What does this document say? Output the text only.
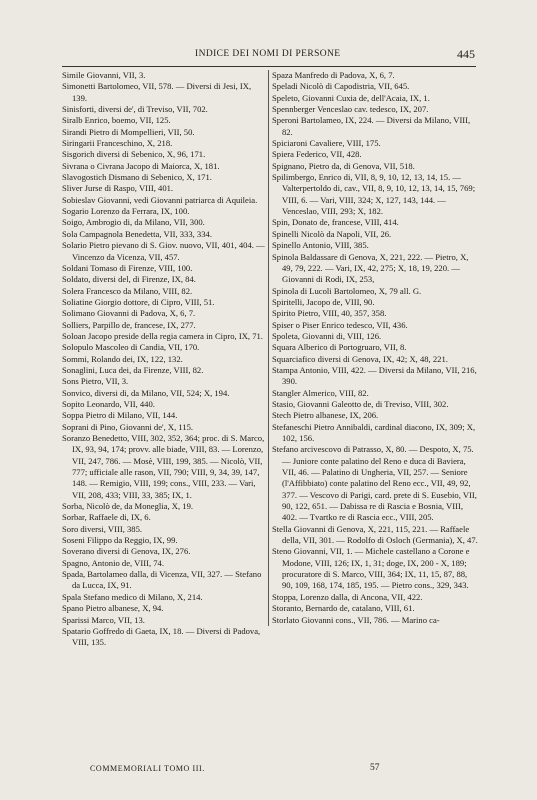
INDICE DEI NOMI DI PERSONE	445

Simile Giovanni, VII, 3.

Simonetti Bartolomeo, VII, 578. — Diversi di Jesi, IX, 139.

Sinisforti, diversi de', di Treviso, VII, 702.

Siralb Enrico, boemo, VII, 125.

Sirandi Pietro di Mompellieri, VII, 50.

Siringarii Franceschino, X, 218.

Sisgorich diversi di Sebenico, X, 96, 171.

Sivrana o Civrana Jacopo di Maiorca, X, 181.

Slavogostich Dismano di Sebenico, X, 171.

Sliver Jurse di Raspo, VIII, 401.

Sobieslav Giovanni, vedi Giovanni patriarca di Aquileia.

Sogario Lorenzo da Ferrara, IX, 100.

Soigo, Ambrogio di, da Milano, VII, 300.

Sola Campagnola Benedetta, VII, 333, 334.

Solario Pietro pievano di S. Giov. nuovo, VII, 401, 404. — Vincenzo da Vicenza, VII, 457.

Soldani Tomaso di Firenze, VIII, 100.

Soldato, diversi del, di Firenze, IX, 84.

Solera Francesco da Milano, VIII, 82.

Soliatine Giorgio dottore, di Cipro, VIII, 51.

Solimano Giovanni di Padova, X, 6, 7.

Solliers, Parpillo de, francese, IX, 277.

Soloan Jacopo preside della regia camera in Cipro, IX, 71.

Solopulo Mascoleo di Candia, VII, 170.

Sommi, Rolando dei, IX, 122, 132.

Sonaglini, Luca dei, da Firenze, VIII, 82.

Sons Pietro, VII, 3.

Sonvico, diversi di, da Milano, VII, 524; X, 194.

Sopito Leonardo, VII, 440.

Soppa Pietro di Milano, VII, 144.

Soprani di Pino, Giovanni de', X, 115.

Soranzo Benedetto, VIII, 302, 352, 364; proc. di S. Marco, IX, 93, 94, 174; provv. alle biade, VIII, 83. — Lorenzo, VII, 247, 786. — Mosè, VIII, 199, 385. — Nicolò, VII, 777; ufficiale alle rason, VII, 790; VIII, 9, 34, 39, 147, 148. — Remigio, VIII, 199; cons., VIII, 233. — Vari, VII, 208, 433; VIII, 33, 385; IX, 1.

Sorba, Nicolò de, da Moneglia, X, 19.

Sorbar, Raffaele di, IX, 6.

Soro diversi, VIII, 385.

Soseni Filippo da Reggio, IX, 99.

Soverano diversi di Genova, IX, 276.

Spagno, Antonio de, VIII, 74.

Spada, Bartolameo dalla, di Vicenza, VII, 327. — Stefano da Lucca, IX, 91.

Spala Stefano medico di Milano, X, 214.

Spano Pietro albanese, X, 94.

Sparissi Marco, VII, 13.

Spatario Goffredo di Gaeta, IX, 18. — Diversi di Padova, VIII, 135.

Spaza Manfredo di Padova, X, 6, 7.

Speladi Nicolò di Capodistria, VII, 645.

Speleto, Giovanni Cuxia de, dell'Acaia, IX, 1.

Spennberger Venceslao cav. tedesco, IX, 207.

Speroni Bartolameo, IX, 224. — Diversi da Milano, VIII, 82.

Spiciaroni Cavaliere, VIII, 175.

Spiera Federico, VII, 428.

Spignano, Pietro da, di Genova, VII, 518.

Spilimbergo, Enrico di, VII, 8, 9, 10, 12, 13, 14, 15. — Valterpertoldo di, cav., VII, 8, 9, 10, 12, 13, 14, 15, 769; VIII, 6. — Vari, VIII, 324; X, 127, 143, 144. — Venceslao, VIII, 293; X, 182.

Spin, Donato de, francese, VIII, 414.

Spinelli Nicolò da Napoli, VII, 26.

Spinello Antonio, VIII, 385.

Spinola Baldassare di Genova, X, 221, 222. — Pietro, X, 49, 79, 222. — Vari, IX, 42, 275; X, 18, 19, 220. — Giovanni di Rodi, IX, 253,

Spinola di Lucoli Bartolomeo, X, 79 all. G.

Spiritelli, Jacopo de, VIII, 90.

Spirito Pietro, VIII, 40, 357, 358.

Spiser o Piser Enrico tedesco, VII, 436.

Spoleta, Giovanni di, VIII, 126.

Squara Alberico di Portogruaro, VII, 8.

Squarciafico diversi di Genova, IX, 42; X, 48, 221.

Stampa Antonio, VIII, 422. — Diversi da Milano, VII, 216, 390.

Stangler Almerico, VIII, 82.

Stasio, Giovanni Galeotto de, di Treviso, VIII, 302.

Stech Pietro albanese, IX, 206.

Stefaneschi Pietro Annibaldi, cardinal diacono, IX, 309; X, 102, 156.

Stefano arcivescovo di Patrasso, X, 80. — Despoto, X, 75. — Juniore conte palatino del Reno e duca di Baviera, VII, 46. — Palatino di Ungheria, VII, 257. — Seniore (l'Affibbiato) conte palatino del Reno ecc., VII, 49, 92, 377. — Vescovo di Parigi, card. prete di S. Eusebio, VII, 90, 122, 651. — Dabissa re di Rascia e Bosnia, VIII, 402. — Tvartko re di Rascia ecc., VIII, 205.

Stella Giovanni di Genova, X, 221, 115, 221. — Raffaele della, VII, 301. — Rodolfo di Osloch (Germania), X, 47.

Steno Giovanni, VII, 1. — Michele castellano a Corone e Modone, VIII, 126; IX, 1, 31; doge, IX, 200 - X, 189; procuratore di S. Marco, VIII, 364; IX, 11, 15, 87, 88, 90, 109, 168, 174, 185, 195. — Pietro cons., 329, 343.

Stoppa, Lorenzo dalla, di Ancona, VII, 422.

Storanto, Bernardo de, catalano, VIII, 61.

Storlato Giovanni cons., VII, 786. — Marino ca-

COMMEMORIALI TOMO III.	57
